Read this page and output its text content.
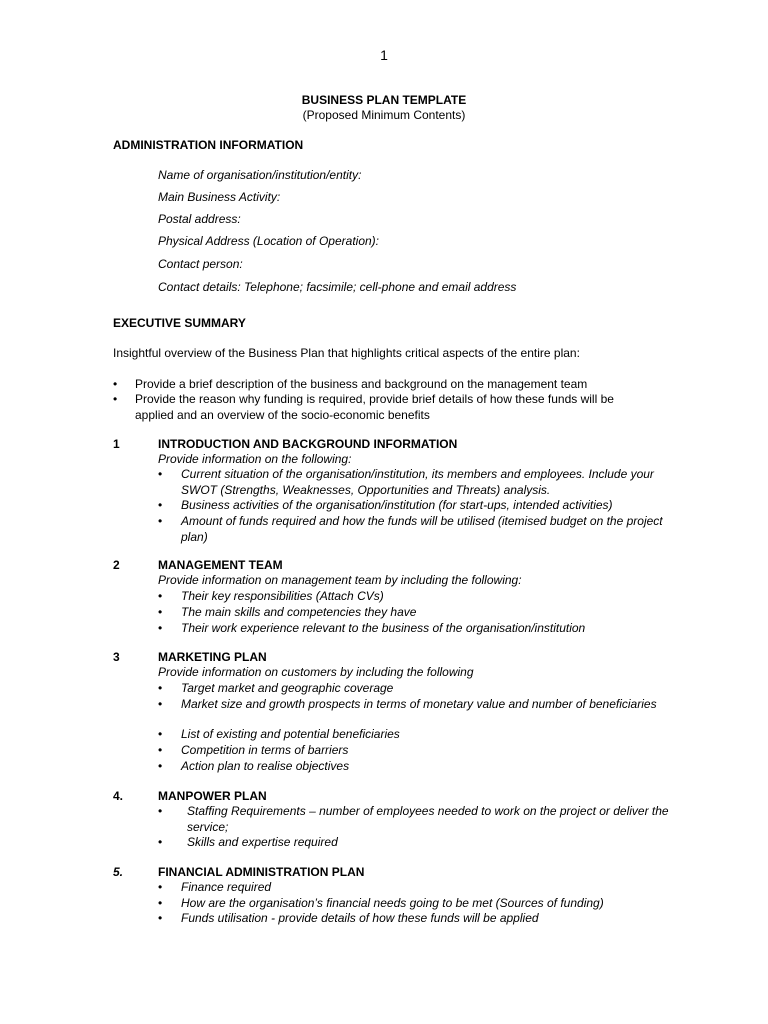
1
BUSINESS PLAN TEMPLATE
(Proposed Minimum Contents)
ADMINISTRATION INFORMATION
Name of organisation/institution/entity:
Main Business Activity:
Postal address:
Physical Address (Location of Operation):
Contact person:
Contact details: Telephone; facsimile; cell-phone and email address
EXECUTIVE SUMMARY
Insightful overview of the Business Plan that highlights critical aspects of the entire plan:
• Provide a brief description of the business and background on the management team
• Provide the reason why funding is required, provide brief details of how these funds will be applied and an overview of the socio-economic benefits
1	INTRODUCTION AND BACKGROUND INFORMATION
Provide information on the following:
• Current situation of the organisation/institution, its members and employees. Include your SWOT (Strengths, Weaknesses, Opportunities and Threats) analysis.
• Business activities of the organisation/institution (for start-ups, intended activities)
• Amount of funds required and how the funds will be utilised (itemised budget on the project plan)
2	MANAGEMENT TEAM
Provide information on management team by including the following:
• Their key responsibilities (Attach CVs)
• The main skills and competencies they have
• Their work experience relevant to the business of the organisation/institution
3	MARKETING PLAN
Provide information on customers by including the following
• Target market and geographic coverage
• Market size and growth prospects in terms of monetary value and number of beneficiaries
• List of existing and potential beneficiaries
• Competition in terms of barriers
• Action plan to realise objectives
4.	MANPOWER PLAN
• Staffing Requirements – number of employees needed to work on the project or deliver the service;
• Skills and expertise required
5.	FINANCIAL ADMINISTRATION PLAN
• Finance required
• How are the organisation’s financial needs going to be met (Sources of funding)
• Funds utilisation - provide details of how these funds will be applied
